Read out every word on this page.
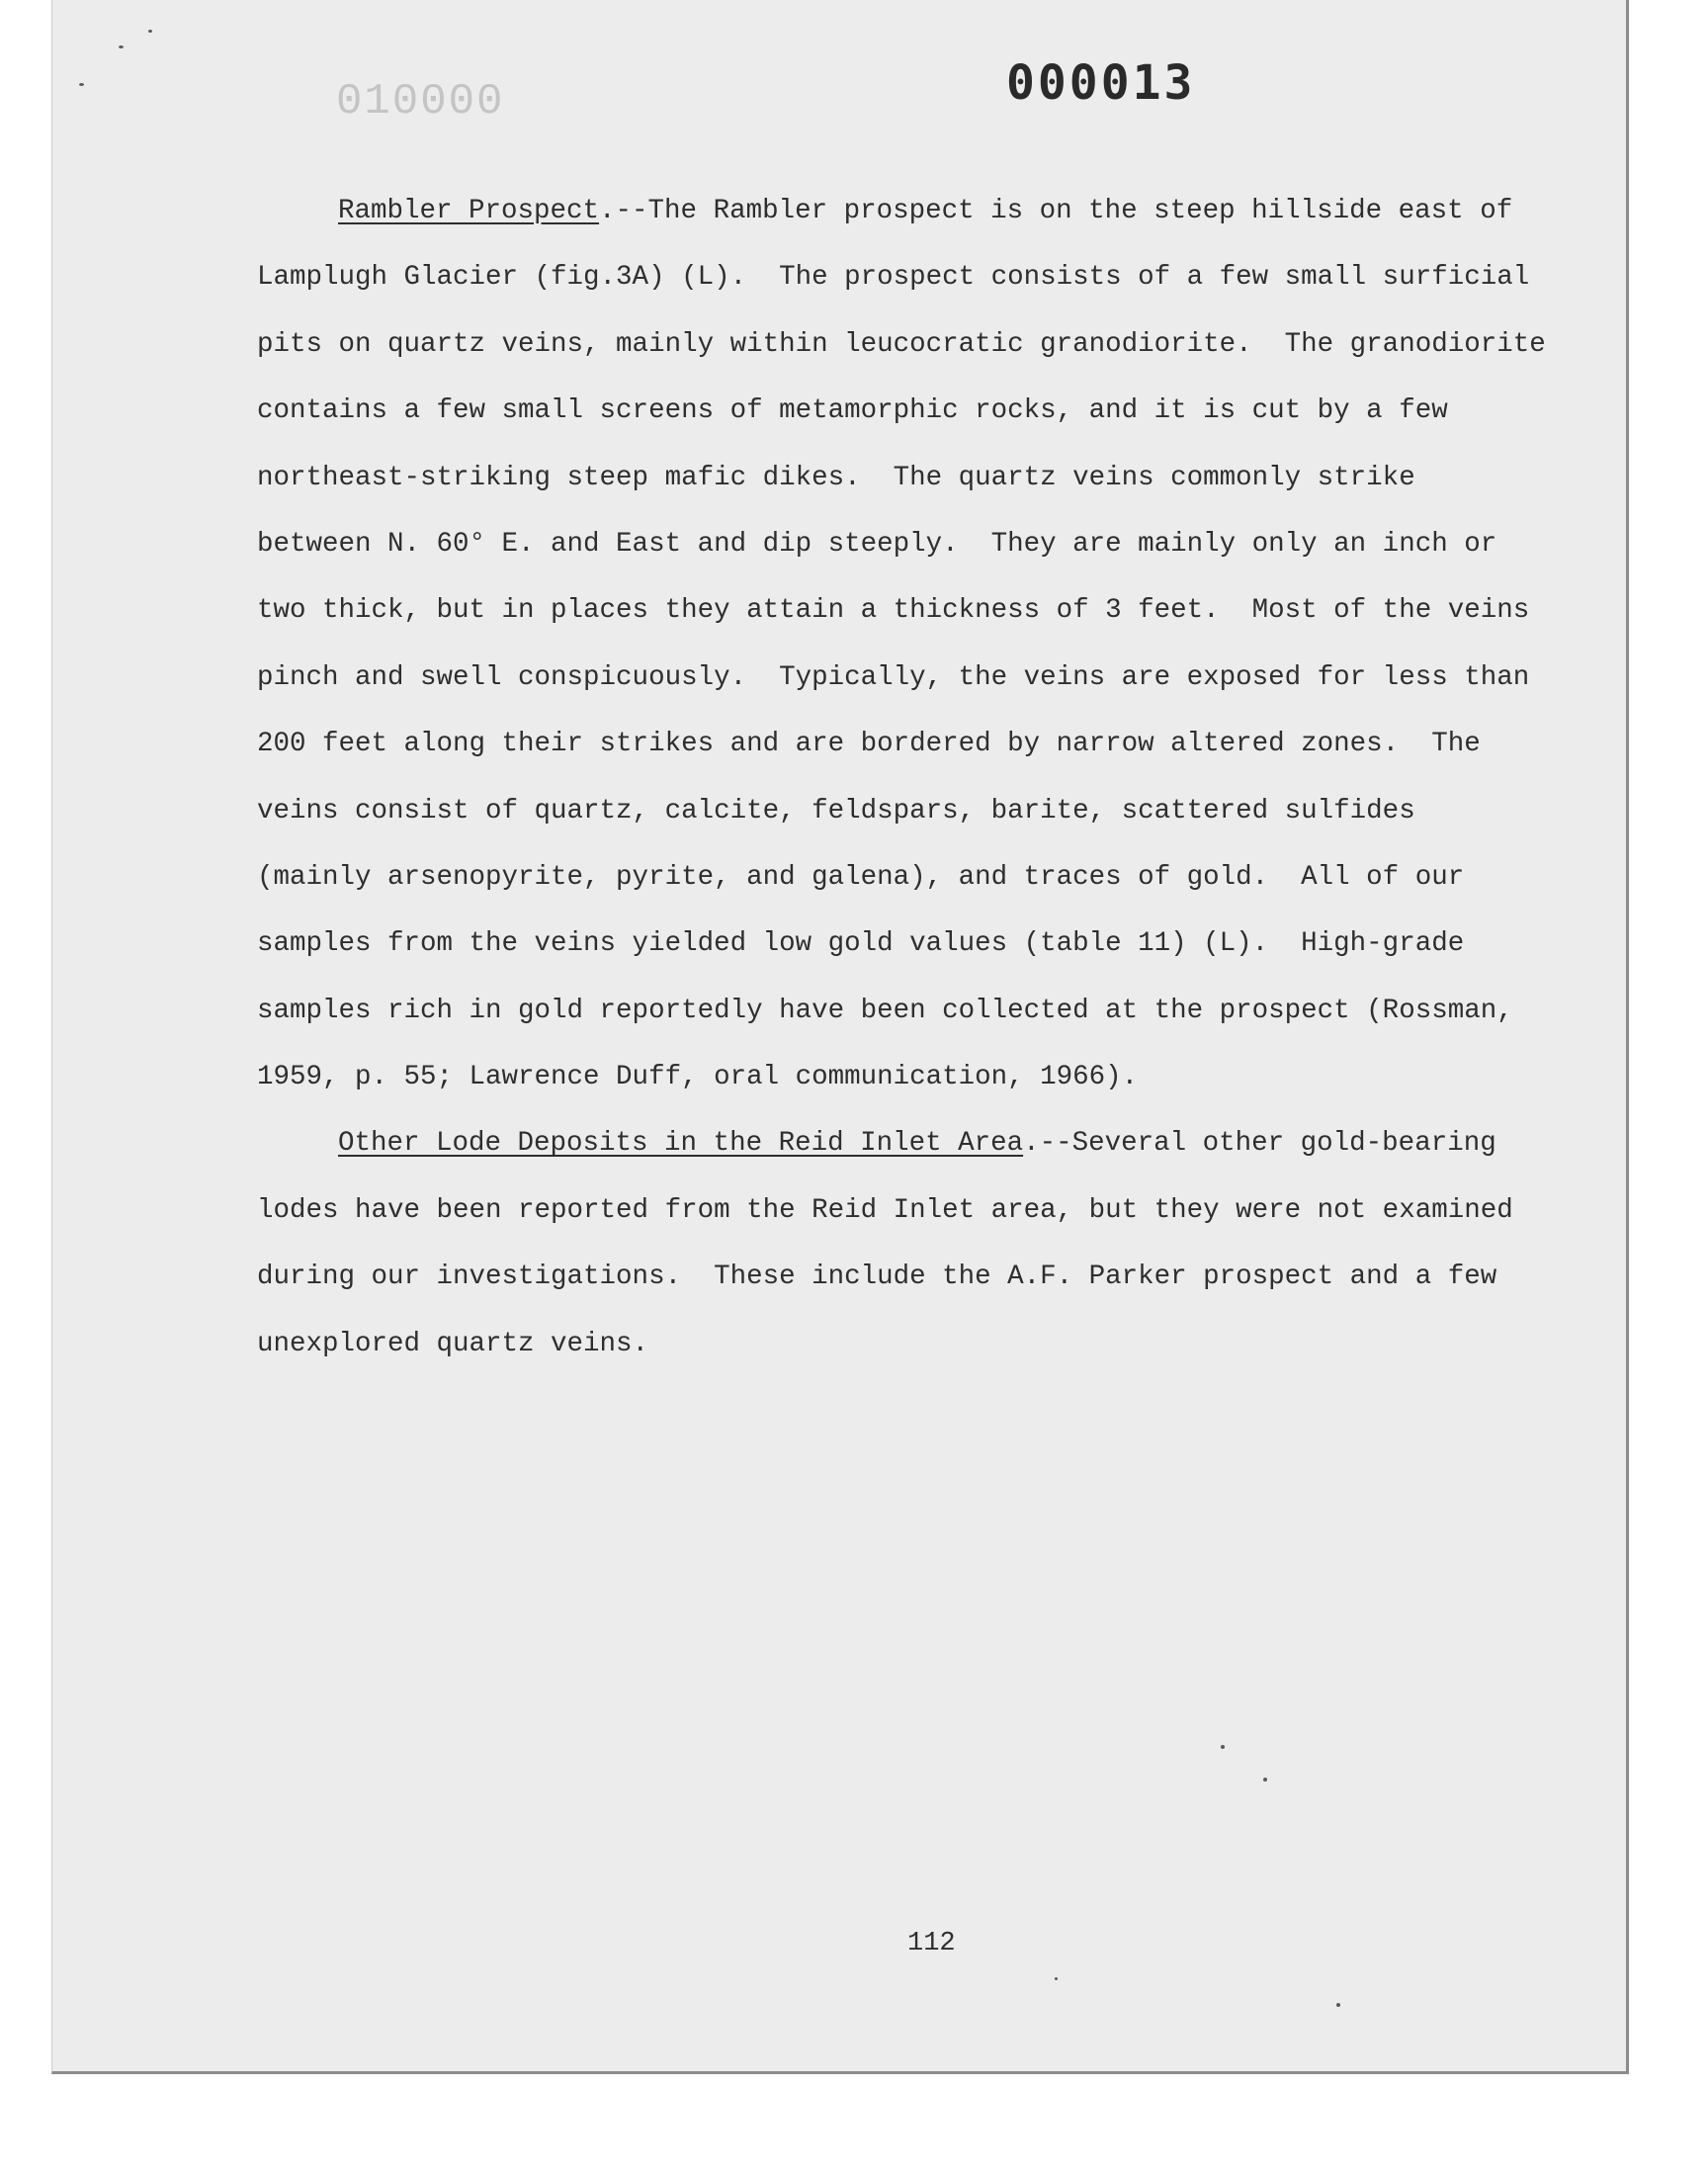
010000	000013
Rambler Prospect.--The Rambler prospect is on the steep hillside east of
Lamplugh Glacier (fig.3A) (L).  The prospect consists of a few small surficial
pits on quartz veins, mainly within leucocratic granodiorite.  The granodiorite
contains a few small screens of metamorphic rocks, and it is cut by a few
northeast-striking steep mafic dikes.  The quartz veins commonly strike
between N. 60° E. and East and dip steeply.  They are mainly only an inch or
two thick, but in places they attain a thickness of 3 feet.  Most of the veins
pinch and swell conspicuously.  Typically, the veins are exposed for less than
200 feet along their strikes and are bordered by narrow altered zones.  The
veins consist of quartz, calcite, feldspars, barite, scattered sulfides
(mainly arsenopyrite, pyrite, and galena), and traces of gold.  All of our
samples from the veins yielded low gold values (table 11) (L).  High-grade
samples rich in gold reportedly have been collected at the prospect (Rossman,
1959, p. 55; Lawrence Duff, oral communication, 1966).
Other Lode Deposits in the Reid Inlet Area.--Several other gold-bearing
lodes have been reported from the Reid Inlet area, but they were not examined
during our investigations.  These include the A.F. Parker prospect and a few
unexplored quartz veins.
112
